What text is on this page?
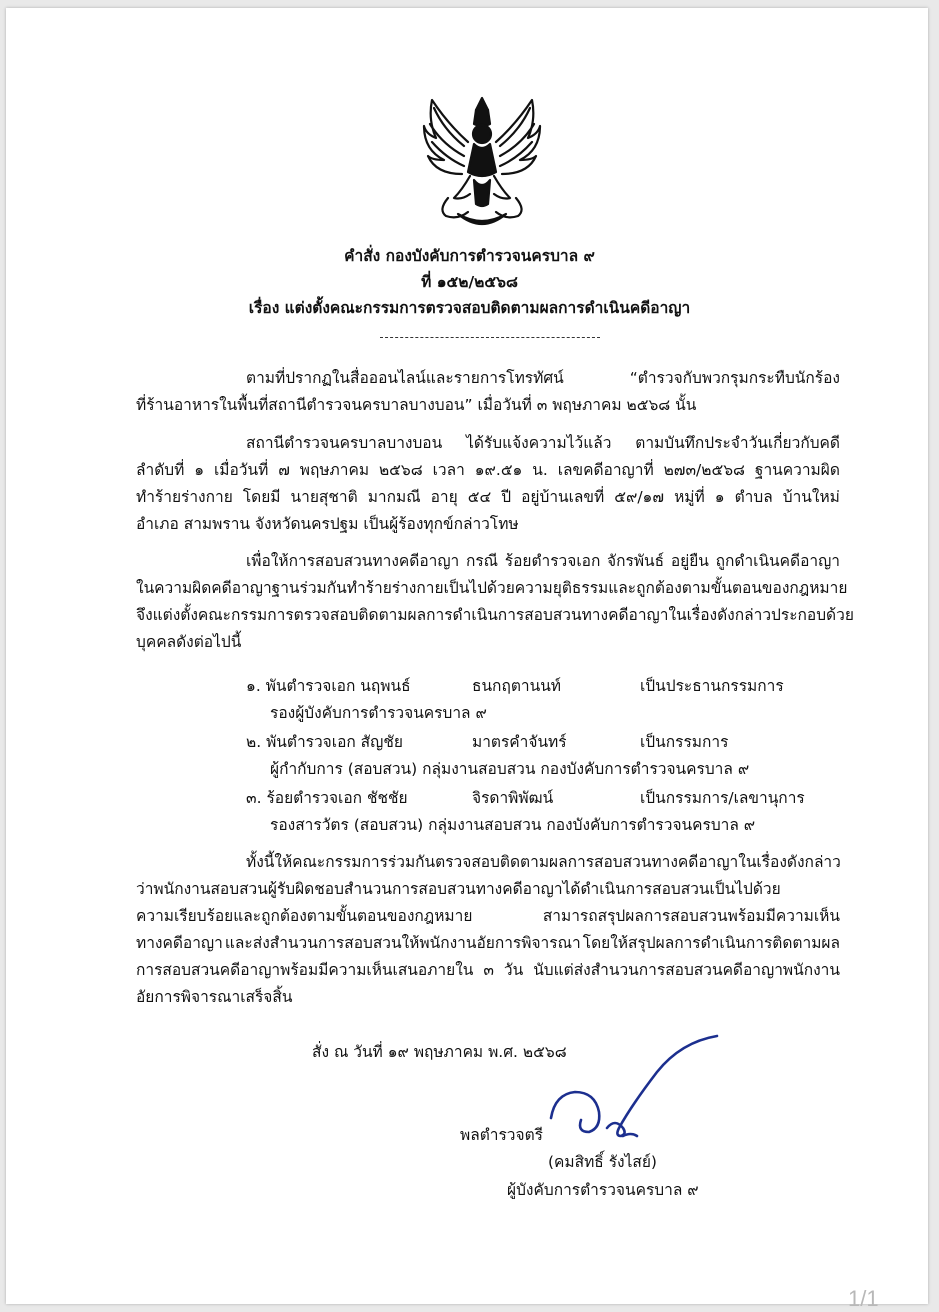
คำสั่ง กองบังคับการตำรวจนครบาล ๙
ที่ ๑๕๒/๒๕๖๘
เรื่อง แต่งตั้งคณะกรรมการตรวจสอบติดตามผลการดำเนินคดีอาญา
ตามที่ปรากฏในสื่อออนไลน์และรายการโทรทัศน์	“ตำรวจกับพวกรุมกระทืบนักร้อง
ที่ร้านอาหารในพื้นที่สถานีตำรวจนครบาลบางบอน” เมื่อวันที่ ๓ พฤษภาคม ๒๕๖๘ นั้น
สถานีตำรวจนครบาลบางบอน ได้รับแจ้งความไว้แล้ว ตามบันทึกประจำวันเกี่ยวกับคดี
ลำดับที่ ๑ เมื่อวันที่ ๗ พฤษภาคม ๒๕๖๘ เวลา ๑๙.๕๑ น. เลขคดีอาญาที่ ๒๗๓/๒๕๖๘ ฐานความผิด
ทำร้ายร่างกาย โดยมี นายสุชาติ มากมณี อายุ ๕๔ ปี อยู่บ้านเลขที่ ๕๙/๑๗ หมู่ที่ ๑ ตำบล บ้านใหม่
อำเภอ สามพราน จังหวัดนครปฐม เป็นผู้ร้องทุกข์กล่าวโทษ
เพื่อให้การสอบสวนทางคดีอาญา กรณี ร้อยตำรวจเอก จักรพันธ์ อยู่ยืน ถูกดำเนินคดีอาญา
ในความผิดคดีอาญา ฐานร่วมกันทำร้ายร่างกาย เป็นไปด้วยความยุติธรรม และถูกต้องตามขั้นตอนของกฎหมาย
จึงแต่งตั้งคณะกรรมการตรวจสอบติดตามผลการดำเนินการสอบสวนทางคดีอาญา ในเรื่องดังกล่าว ประกอบด้วย
บุคคลดังต่อไปนี้
๑. พันตำรวจเอก นฤพนธ์	ธนกฤตานนท์	เป็นประธานกรรมการ
รองผู้บังคับการตำรวจนครบาล ๙
๒. พันตำรวจเอก สัญชัย	มาตรคำจันทร์	เป็นกรรมการ
ผู้กำกับการ (สอบสวน) กลุ่มงานสอบสวน กองบังคับการตำรวจนครบาล ๙
๓. ร้อยตำรวจเอก ชัชชัย	จิรดาพิพัฒน์	เป็นกรรมการ/เลขานุการ
รองสารวัตร (สอบสวน) กลุ่มงานสอบสวน กองบังคับการตำรวจนครบาล ๙
ทั้งนี้ ให้คณะกรรมการร่วมกันตรวจสอบติดตามผลการสอบสวนทางคดีอาญาในเรื่องดังกล่าว
ว่าพนักงานสอบสวนผู้รับผิดชอบสำนวนการสอบสวนทางคดีอาญาได้ดำเนินการสอบสวนเป็นไปด้วย
ความเรียบร้อยและถูกต้องตามขั้นตอนของกฎหมาย	สามารถสรุปผลการสอบสวนพร้อมมีความเห็น
ทางคดีอาญา และส่งสำนวนการสอบสวนให้พนักงานอัยการพิจารณา โดยให้สรุปผลการดำเนินการติดตามผล
การสอบสวนคดีอาญาพร้อมมีความเห็นเสนอภายใน ๓ วัน นับแต่ส่งสำนวนการสอบสวนคดีอาญาพนักงาน
อัยการพิจารณาเสร็จสิ้น
สั่ง ณ วันที่ ๑๙ พฤษภาคม พ.ศ. ๒๕๖๘
พลตำรวจตรี
(คมสิทธิ์ รังไสย์)
ผู้บังคับการตำรวจนครบาล ๙
1/1
